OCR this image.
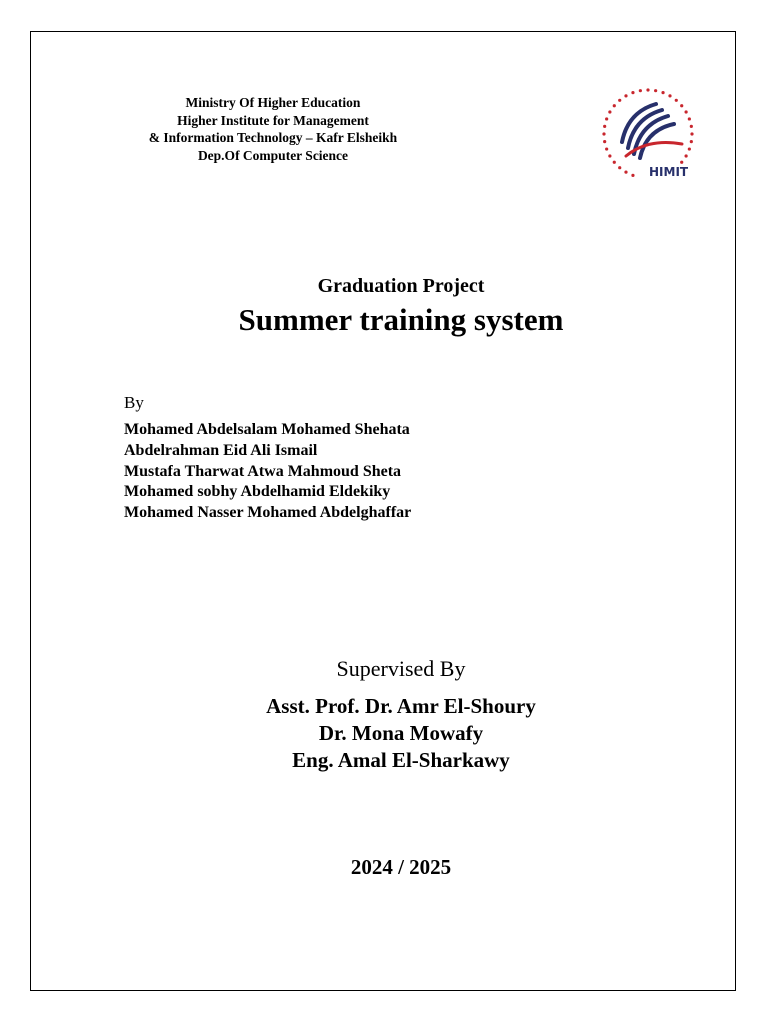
Ministry Of Higher Education
Higher Institute for Management
& Information Technology – Kafr Elsheikh
Dep.Of Computer Science
HIMIT
Graduation Project
Summer training system
By
Mohamed Abdelsalam Mohamed Shehata
Abdelrahman Eid Ali Ismail
Mustafa Tharwat Atwa Mahmoud Sheta
Mohamed sobhy Abdelhamid Eldekiky
Mohamed Nasser Mohamed Abdelghaffar
Supervised By
Asst. Prof. Dr. Amr El-Shoury
Dr. Mona Mowafy
Eng. Amal El-Sharkawy
2024 / 2025
